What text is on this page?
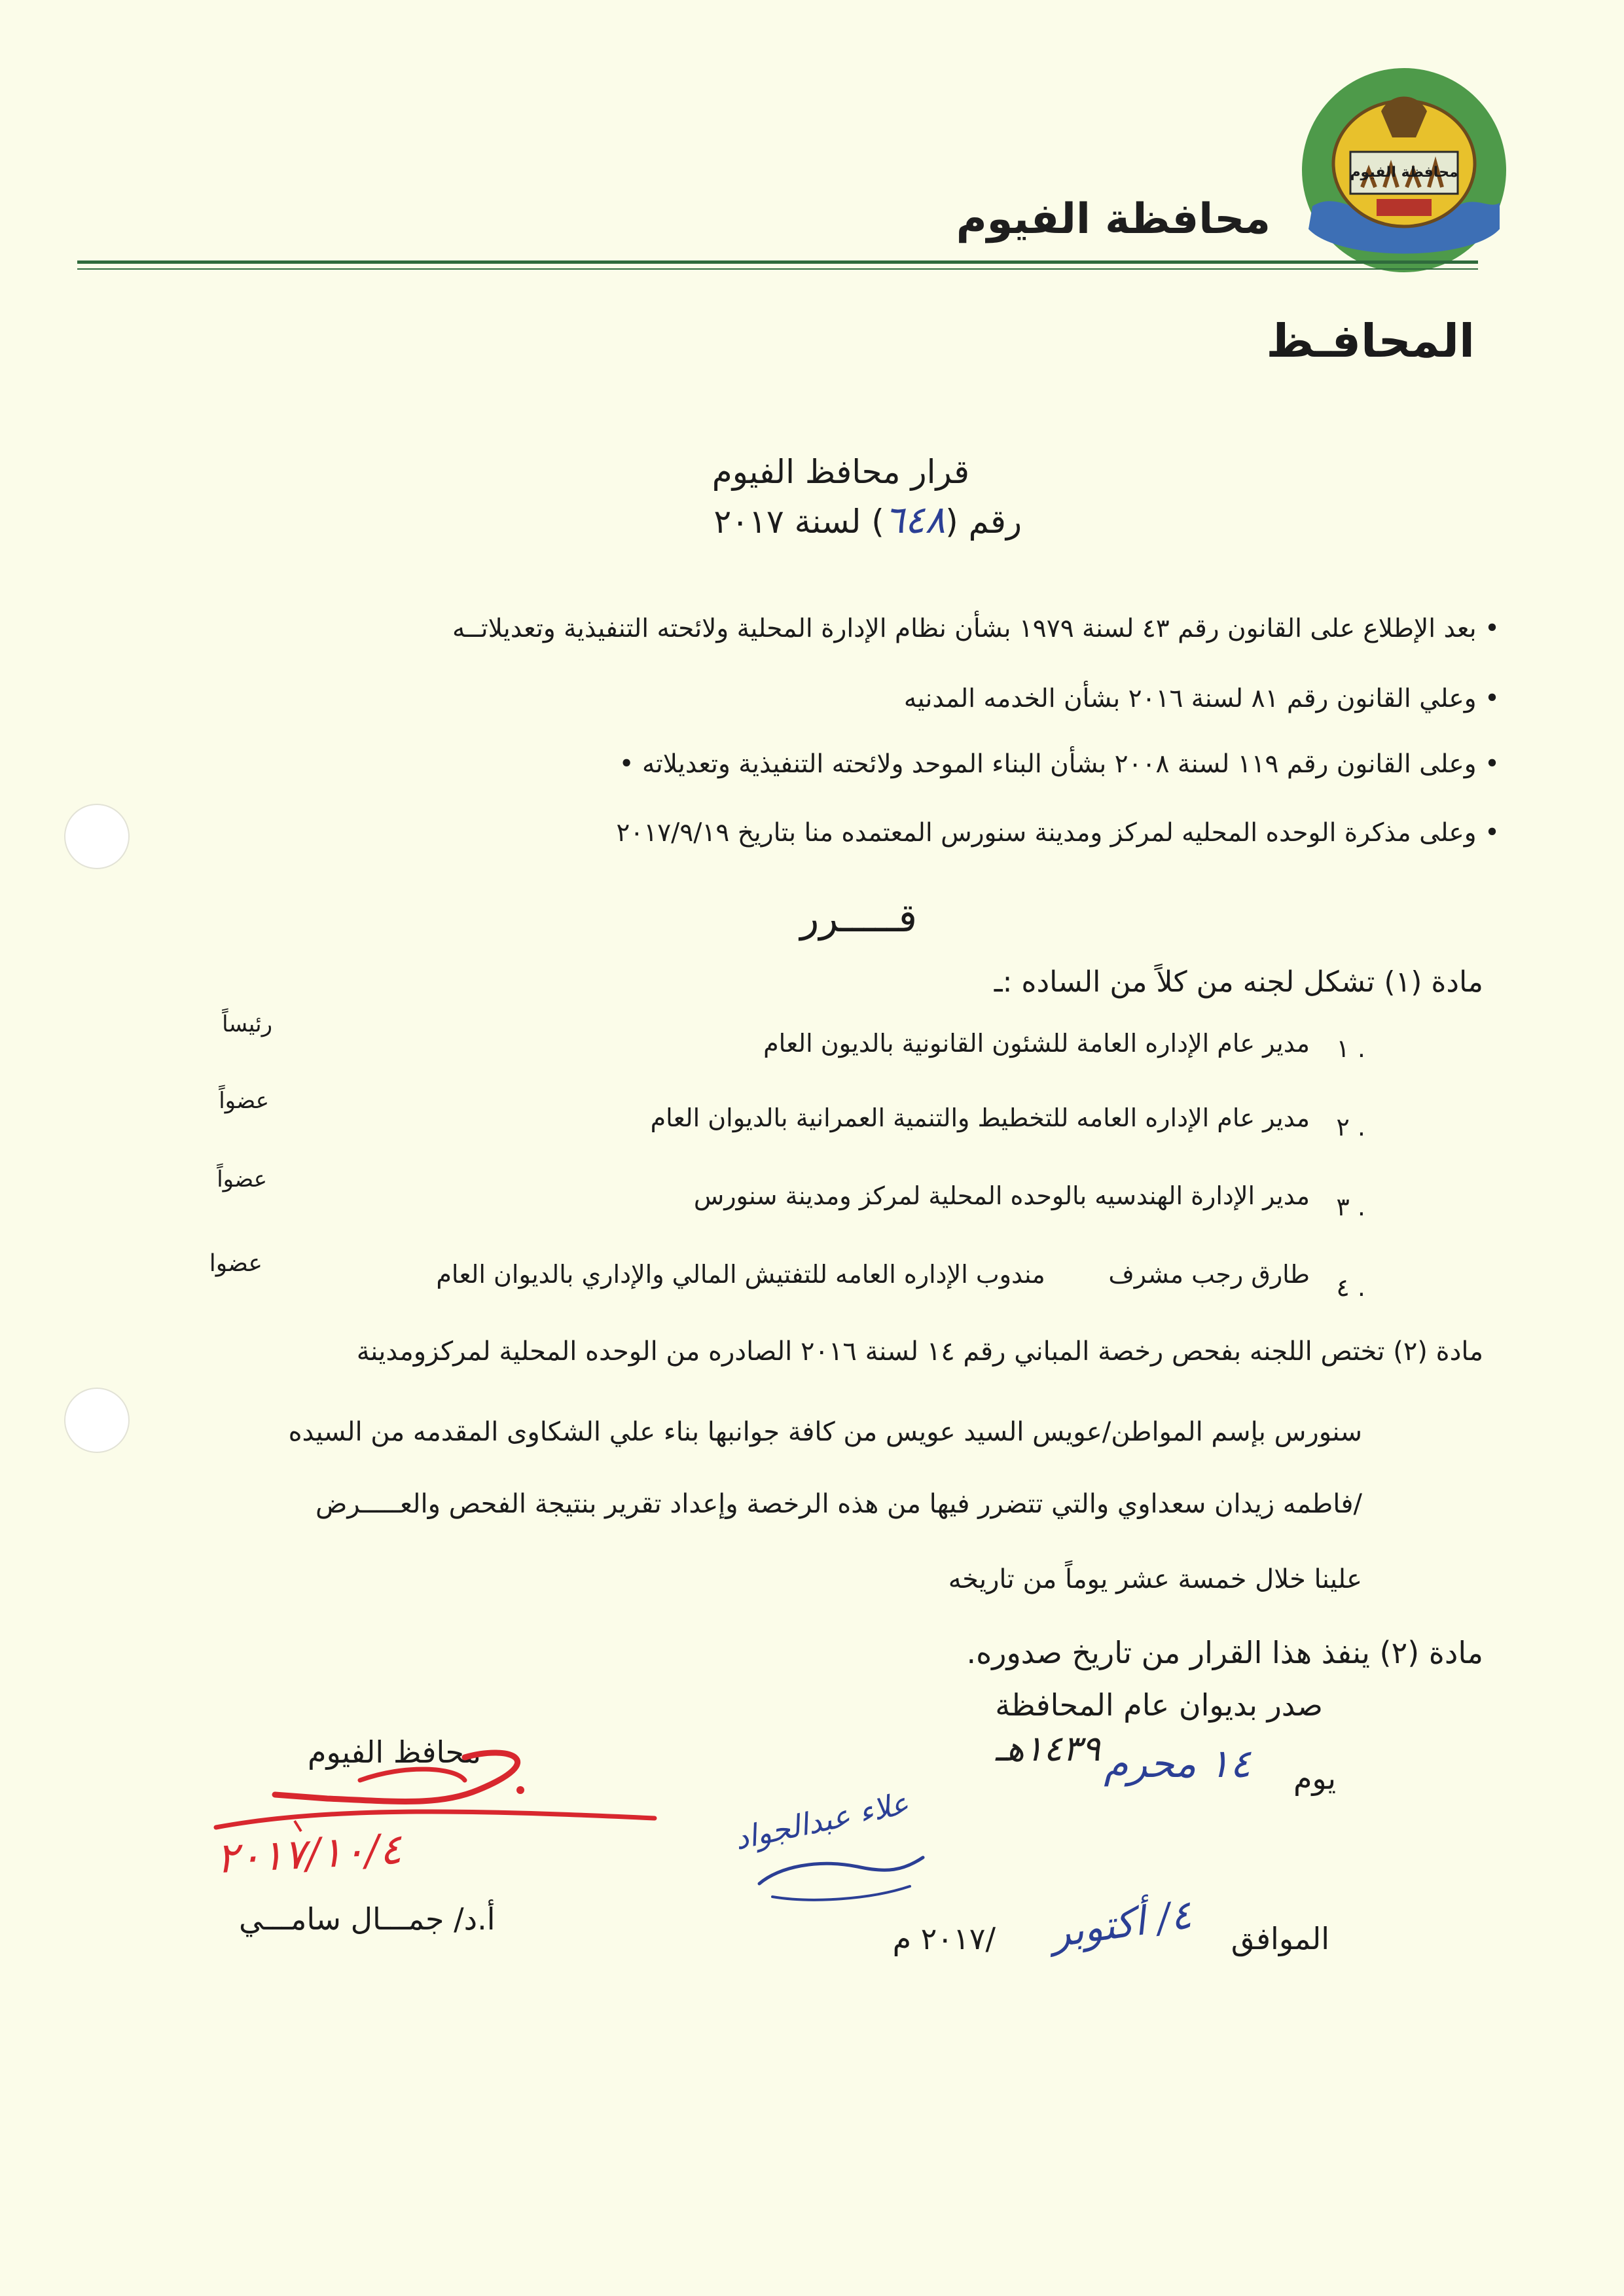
محافظة الفيوم
محافظة الفيوم
المحافـظ
قرار محافظ الفيوم
رقم (٦٤٨) لسنة ٢٠١٧
• بعد الإطلاع على القانون رقم ٤٣ لسنة ١٩٧٩ بشأن نظام الإدارة المحلية ولائحته التنفيذية وتعديلاتــه
• وعلي القانون رقم ٨١ لسنة ٢٠١٦ بشأن الخدمه المدنيه
• وعلى القانون رقم ١١٩ لسنة ٢٠٠٨ بشأن البناء الموحد ولائحته التنفيذية وتعديلاته •
• وعلى مذكرة الوحده المحليه لمركز ومدينة سنورس المعتمده منا بتاريخ ٢٠١٧/٩/١٩
قـــــرر
مادة (١) تشكل لجنه من كلاً من الساده :ـ
١ .
مدير عام الإداره العامة للشئون القانونية بالديون العام
رئيساً
٢ .
مدير عام الإداره العامه للتخطيط والتنمية العمرانية بالديوان العام
عضواً
٣ .
مدير الإدارة الهندسيه بالوحده المحلية لمركز ومدينة سنورس
عضواً
٤ .
طارق رجب مشرف        مندوب الإداره العامه للتفتيش المالي والإداري بالديوان العام
عضوا
مادة (٢) تختص اللجنه بفحص رخصة المباني رقم ١٤ لسنة ٢٠١٦ الصادره من الوحده المحلية لمركزومدينة
سنورس بإسم المواطن/عويس السيد عويس من كافة جوانبها بناء علي الشكاوى المقدمه من السيده
/فاطمه زيدان سعداوي والتي تتضرر فيها من هذه الرخصة وإعداد تقرير بنتيجة الفحص والعـــــرض
علينا خلال خمسة عشر يوماً من تاريخه
مادة (٢) ينفذ هذا القرار من تاريخ صدوره.
صدر بديوان عام المحافظة
يوم
١٤ محرم
١٤٣٩هـ
الموافق
٤/ أكتوبر
/٢٠١٧ م
محافظ الفيوم
٢٠١٧/١٠/٤
أ.د/ جمـــال سامـــي
علاء عبدالجواد
